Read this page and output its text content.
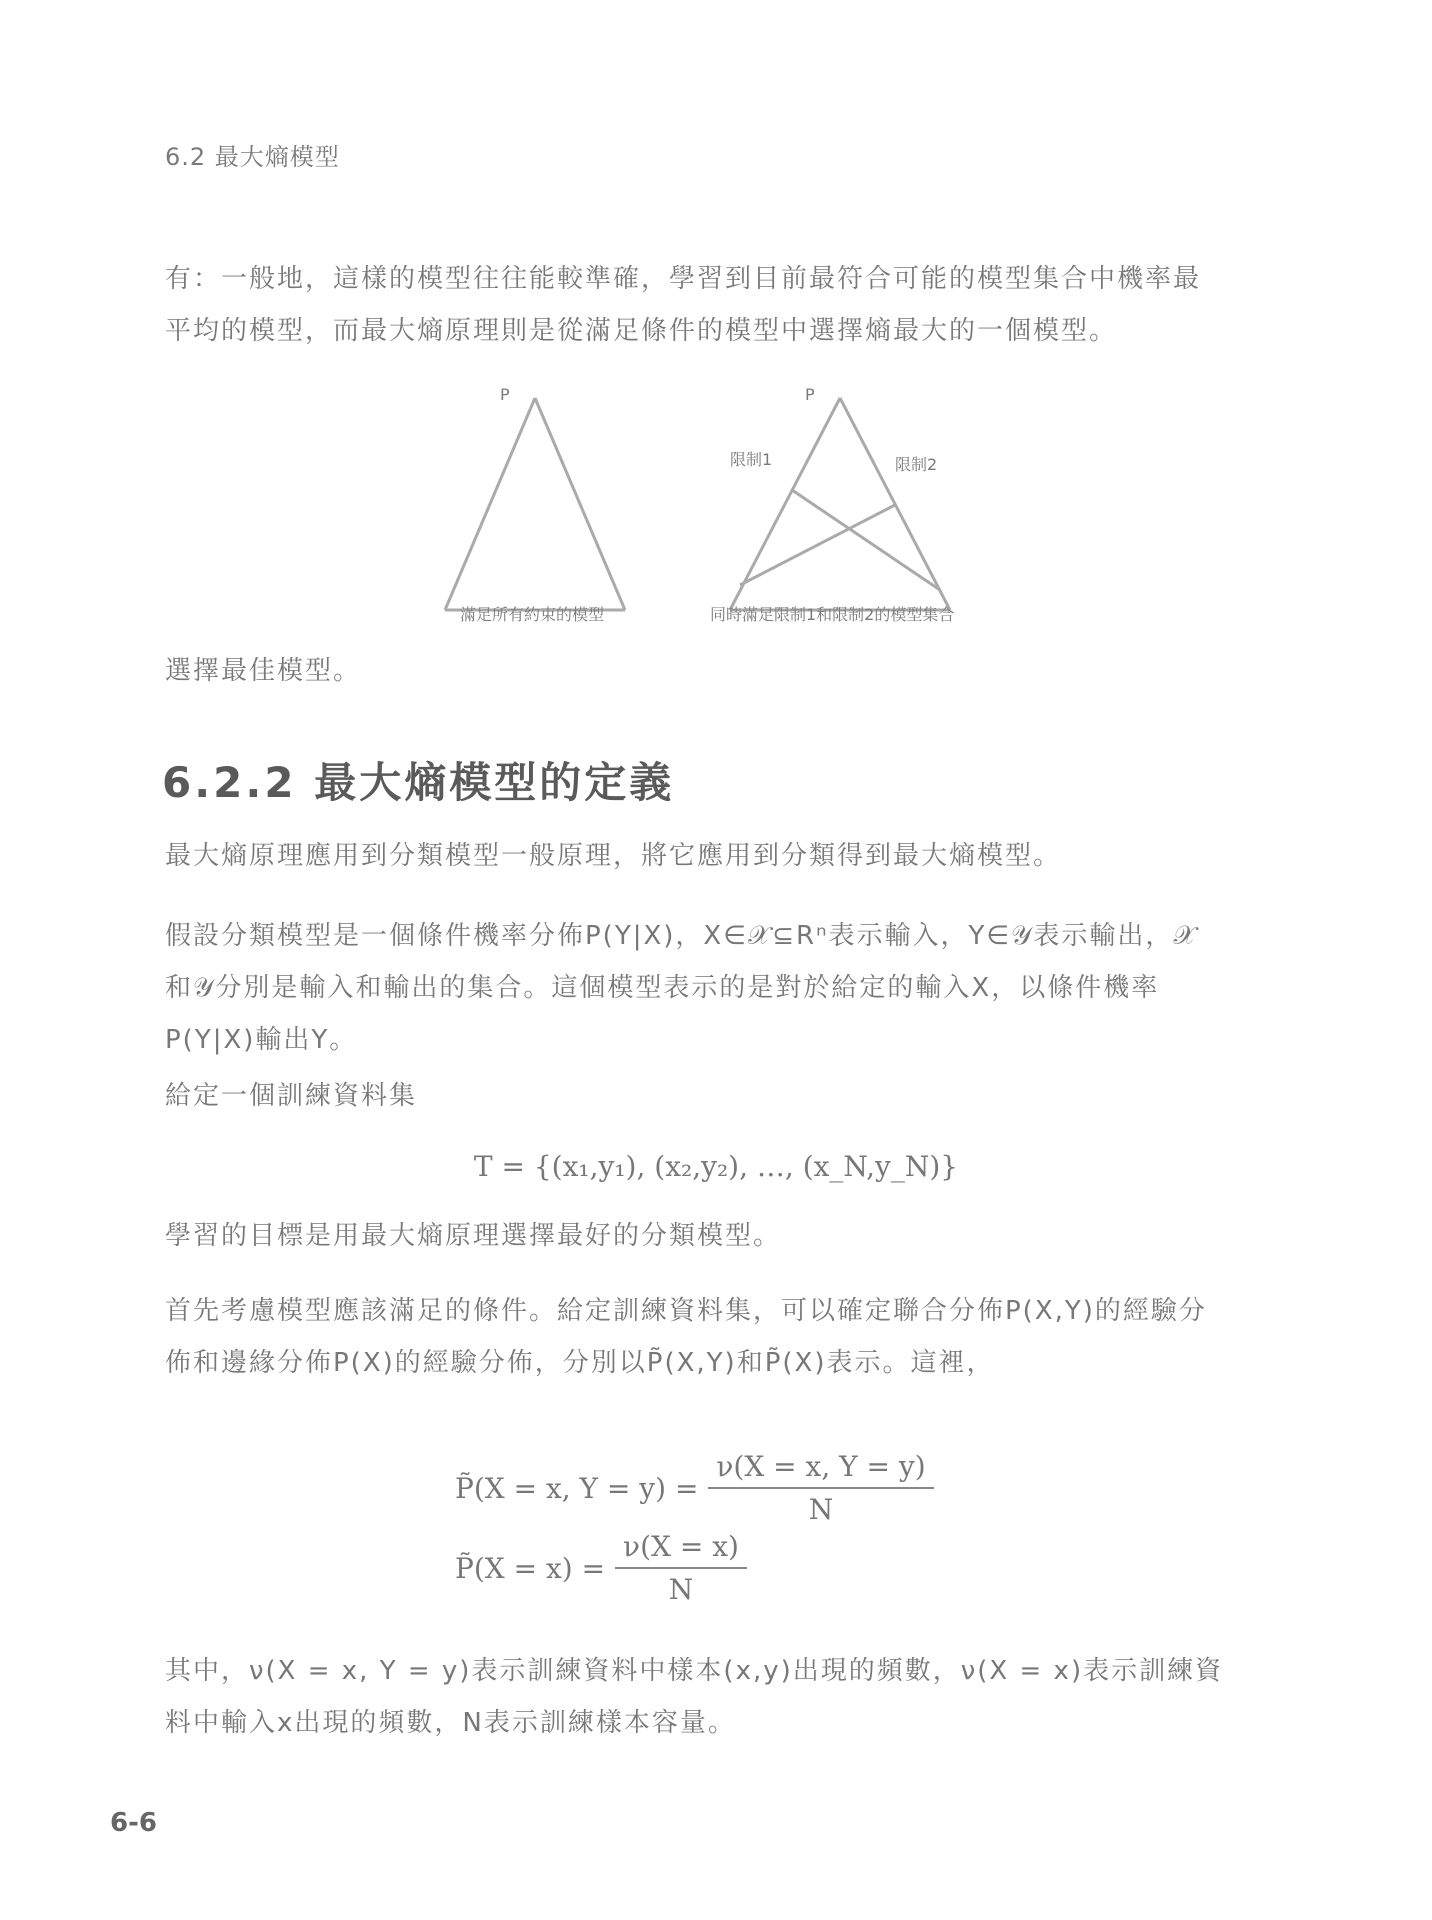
6.2 最大熵模型
有：一般地，這樣的模型往往能較準確，學習到目前最符合可能的模型集合中機率最平均的模型，而最大熵原理則是從滿足條件的模型中選擇熵最大的一個模型。
P
滿足所有約束的模型
P
限制1	限制2
同時滿足限制1和限制2的模型集合
選擇最佳模型。
6.2.2 最大熵模型的定義
最大熵原理應用到分類模型一般原理，將它應用到分類得到最大熵模型。
假設分類模型是一個條件機率分佈P(Y|X)，X∈𝒳⊆Rⁿ表示輸入，Y∈𝒴表示輸出，𝒳和𝒴分別是輸入和輸出的集合。這個模型表示的是對於給定的輸入X，以條件機率P(Y|X)輸出Y。
給定一個訓練資料集
T = {(x₁,y₁), (x₂,y₂), …, (x_N,y_N)}
學習的目標是用最大熵原理選擇最好的分類模型。
首先考慮模型應該滿足的條件。給定訓練資料集，可以確定聯合分佈P(X,Y)的經驗分佈和邊緣分佈P(X)的經驗分佈，分別以P̃(X,Y)和P̃(X)表示。這裡，
P̃(X = x, $Y = y) = \frac{\nu(X = x, Y = y)}{N}$
P̃(X = $x) = \frac{\nu(X = x)}{N}$
其中，ν(X = x, Y = y)表示訓練資料中樣本(x,y)出現的頻數，ν(X = x)表示訓練資料中輸入x出現的頻數，N表示訓練樣本容量。
6-6
